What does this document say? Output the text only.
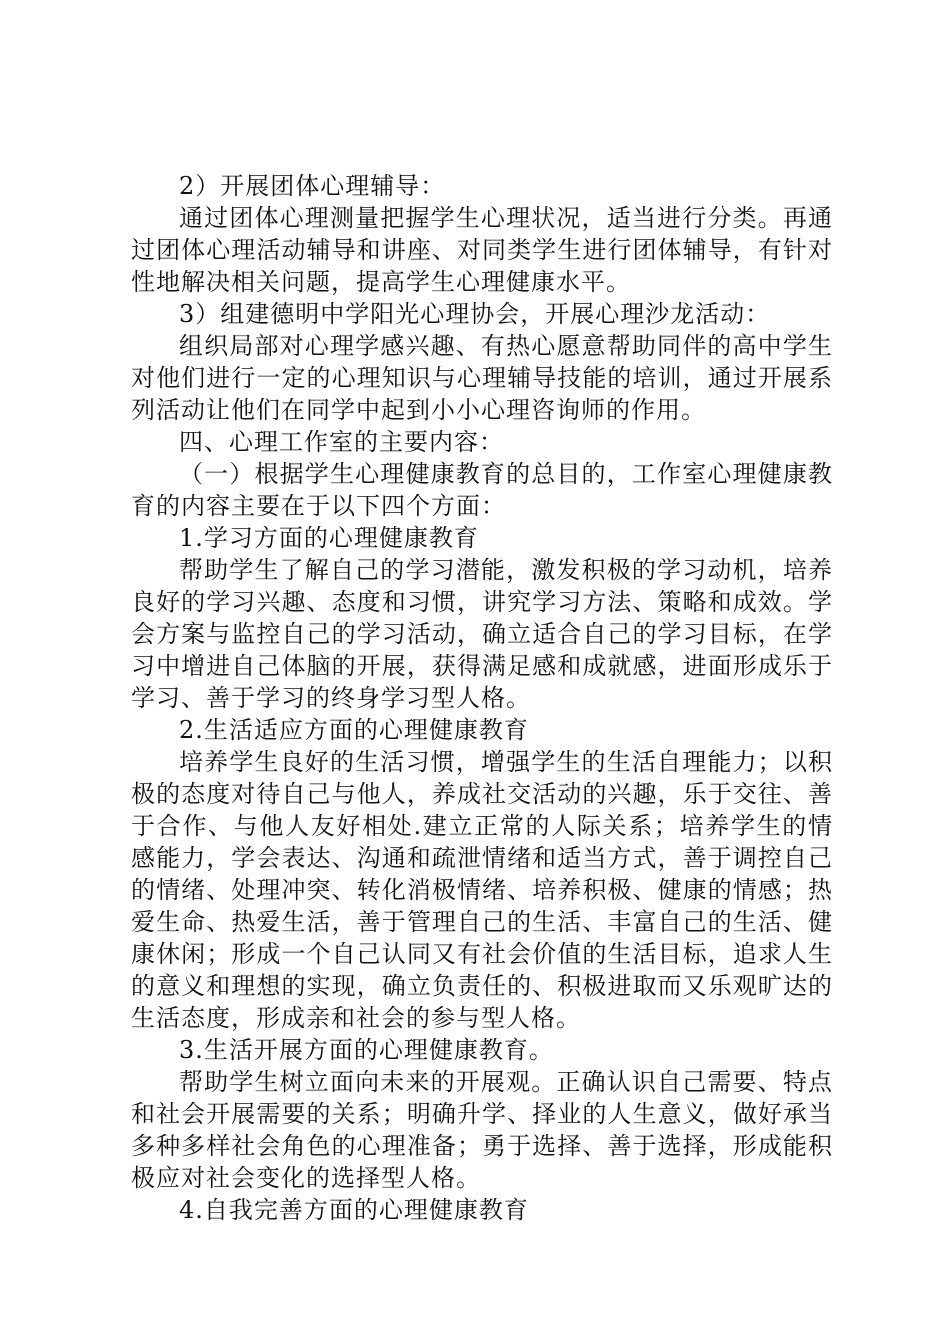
2）开展团体心理辅导：

通过团体心理测量把握学生心理状况，适当进行分类。再通过团体心理活动辅导和讲座、对同类学生进行团体辅导，有针对性地解决相关问题，提高学生心理健康水平。

3）组建德明中学阳光心理协会，开展心理沙龙活动：

组织局部对心理学感兴趣、有热心愿意帮助同伴的高中学生对他们进行一定的心理知识与心理辅导技能的培训，通过开展系列活动让他们在同学中起到小小心理咨询师的作用。

四、心理工作室的主要内容：

（一）根据学生心理健康教育的总目的，工作室心理健康教育的内容主要在于以下四个方面：

1.学习方面的心理健康教育

帮助学生了解自己的学习潜能，激发积极的学习动机，培养良好的学习兴趣、态度和习惯，讲究学习方法、策略和成效。学会方案与监控自己的学习活动，确立适合自己的学习目标，在学习中增进自己体脑的开展，获得满足感和成就感，进面形成乐于学习、善于学习的终身学习型人格。

2.生活适应方面的心理健康教育

培养学生良好的生活习惯，增强学生的生活自理能力；以积极的态度对待自己与他人，养成社交活动的兴趣，乐于交往、善于合作、与他人友好相处.建立正常的人际关系；培养学生的情感能力，学会表达、沟通和疏泄情绪和适当方式，善于调控自己的情绪、处理冲突、转化消极情绪、培养积极、健康的情感；热爱生命、热爱生活，善于管理自己的生活、丰富自己的生活、健康休闲；形成一个自己认同又有社会价值的生活目标，追求人生的意义和理想的实现，确立负责任的、积极进取而又乐观旷达的生活态度，形成亲和社会的参与型人格。

3.生活开展方面的心理健康教育。

帮助学生树立面向未来的开展观。正确认识自己需要、特点和社会开展需要的关系；明确升学、择业的人生意义，做好承当多种多样社会角色的心理准备；勇于选择、善于选择，形成能积极应对社会变化的选择型人格。

4.自我完善方面的心理健康教育
